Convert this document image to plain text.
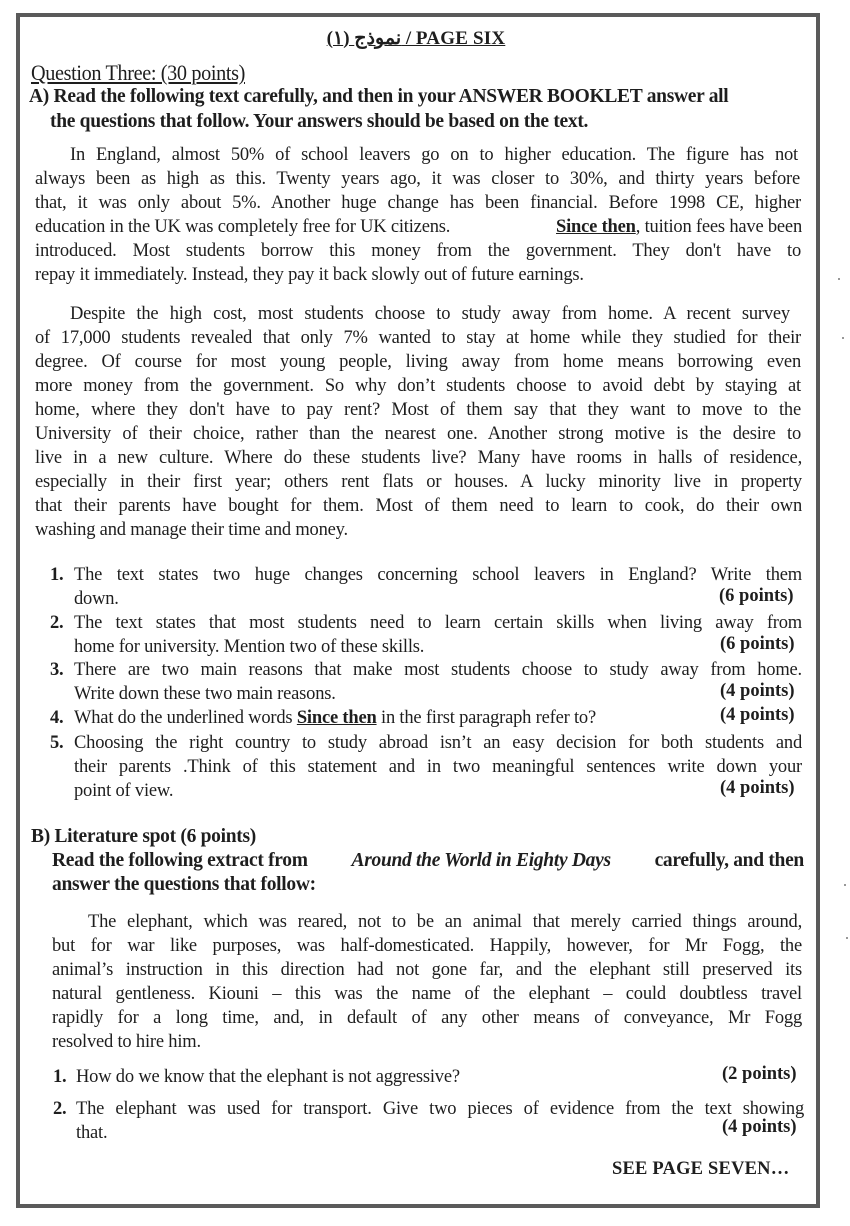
(١) نموذج / PAGE SIX
Question Three: (30 points)
A) Read the following text carefully, and then in your ANSWER BOOKLET answer all
the questions that follow. Your answers should be based on the text.
In England, almost 50% of school leavers go on to higher education. The figure has not
always been as high as this. Twenty years ago, it was closer to 30%, and thirty years before
that, it was only about 5%. Another huge change has been financial. Before 1998 CE, higher
education in the UK was completely free for UK citizens.	Since then, tuition fees have been
introduced. Most students borrow this money from the government. They don't have to
repay it immediately. Instead, they pay it back slowly out of future earnings.
Despite the high cost, most students choose to study away from home. A recent survey
of 17,000 students revealed that only 7% wanted to stay at home while they studied for their
degree. Of course for most young people, living away from home means borrowing even
more money from the government. So why don’t students choose to avoid debt by staying at
home, where they don't have to pay rent? Most of them say that they want to move to the
University of their choice, rather than the nearest one. Another strong motive is the desire to
live in a new culture. Where do these students live? Many have rooms in halls of residence,
especially in their first year; others rent flats or houses. A lucky minority live in property
that their parents have bought for them. Most of them need to learn to cook, do their own
washing and manage their time and money.
1. The text states two huge changes concerning school leavers in England? Write them
down.	(6 points)
2. The text states that most students need to learn certain skills when living away from
home for university. Mention two of these skills.	(6 points)
3. There are two main reasons that make most students choose to study away from home.
Write down these two main reasons.	(4 points)
4. What do the underlined words Since then in the first paragraph refer to?	(4 points)
5. Choosing the right country to study abroad isn’t an easy decision for both students and
their parents .Think of this statement and in two meaningful sentences write down your
point of view.	(4 points)
B) Literature spot (6 points)
Read the following extract from Around the World in Eighty Days carefully, and then
answer the questions that follow:
The elephant, which was reared, not to be an animal that merely carried things around,
but for war like purposes, was half-domesticated. Happily, however, for Mr Fogg, the
animal’s instruction in this direction had not gone far, and the elephant still preserved its
natural gentleness. Kiouni – this was the name of the elephant – could doubtless travel
rapidly for a long time, and, in default of any other means of conveyance, Mr Fogg
resolved to hire him.
1. How do we know that the elephant is not aggressive?	(2 points)
2. The elephant was used for transport. Give two pieces of evidence from the text showing
that.	(4 points)
SEE PAGE SEVEN…
